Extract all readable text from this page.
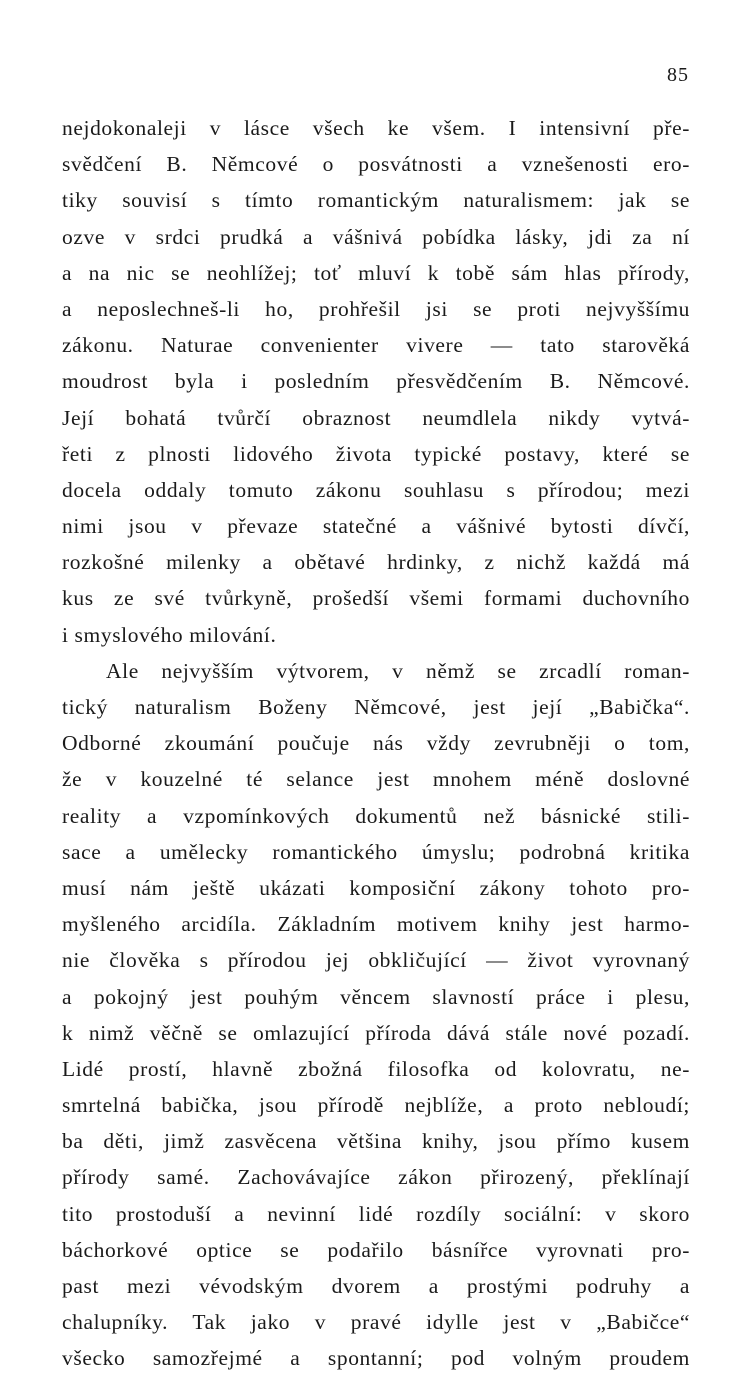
85
nejdokonaleji v lásce všech ke všem. I intensivní pře-
svědčení B. Němcové o posvátnosti a vznešenosti ero-
tiky souvisí s tímto romantickým naturalismem: jak se
ozve v srdci prudká a vášnivá pobídka lásky, jdi za ní
a na nic se neohlížej; toť mluví k tobě sám hlas přírody,
a neposlechneš-li ho, prohřešil jsi se proti nejvyššímu
zákonu. Naturae convenienter vivere — tato starověká
moudrost byla i posledním přesvědčením B. Němcové.
Její bohatá tvůrčí obraznost neumdlela nikdy vytvá-
řeti z plnosti lidového života typické postavy, které se
docela oddaly tomuto zákonu souhlasu s přírodou; mezi
nimi jsou v převaze statečné a vášnivé bytosti dívčí,
rozkošné milenky a obětavé hrdinky, z nichž každá má
kus ze své tvůrkyně, prošedší všemi formami duchovního
i smyslového milování.
Ale nejvyšším výtvorem, v němž se zrcadlí roman-
tický naturalism Boženy Němcové, jest její „Babička“.
Odborné zkoumání poučuje nás vždy zevrubněji o tom,
že v kouzelné té selance jest mnohem méně doslovné
reality a vzpomínkových dokumentů než básnické stili-
sace a umělecky romantického úmyslu; podrobná kritika
musí nám ještě ukázati komposiční zákony tohoto pro-
myšleného arcidíla. Základním motivem knihy jest harmo-
nie člověka s přírodou jej obkličující — život vyrovnaný
a pokojný jest pouhým věncem slavností práce i plesu,
k nimž věčně se omlazující příroda dává stále nové pozadí.
Lidé prostí, hlavně zbožná filosofka od kolovratu, ne-
smrtelná babička, jsou přírodě nejblíže, a proto nebloudí;
ba děti, jimž zasvěcena většina knihy, jsou přímo kusem
přírody samé. Zachovávajíce zákon přirozený, překlínají
tito prostoduší a nevinní lidé rozdíly sociální: v skoro
báchorkové optice se podařilo básnířce vyrovnati pro-
past mezi vévodským dvorem a prostými podruhy a
chalupníky. Tak jako v pravé idylle jest v „Babičce“
všecko samozřejmé a spontanní; pod volným proudem
